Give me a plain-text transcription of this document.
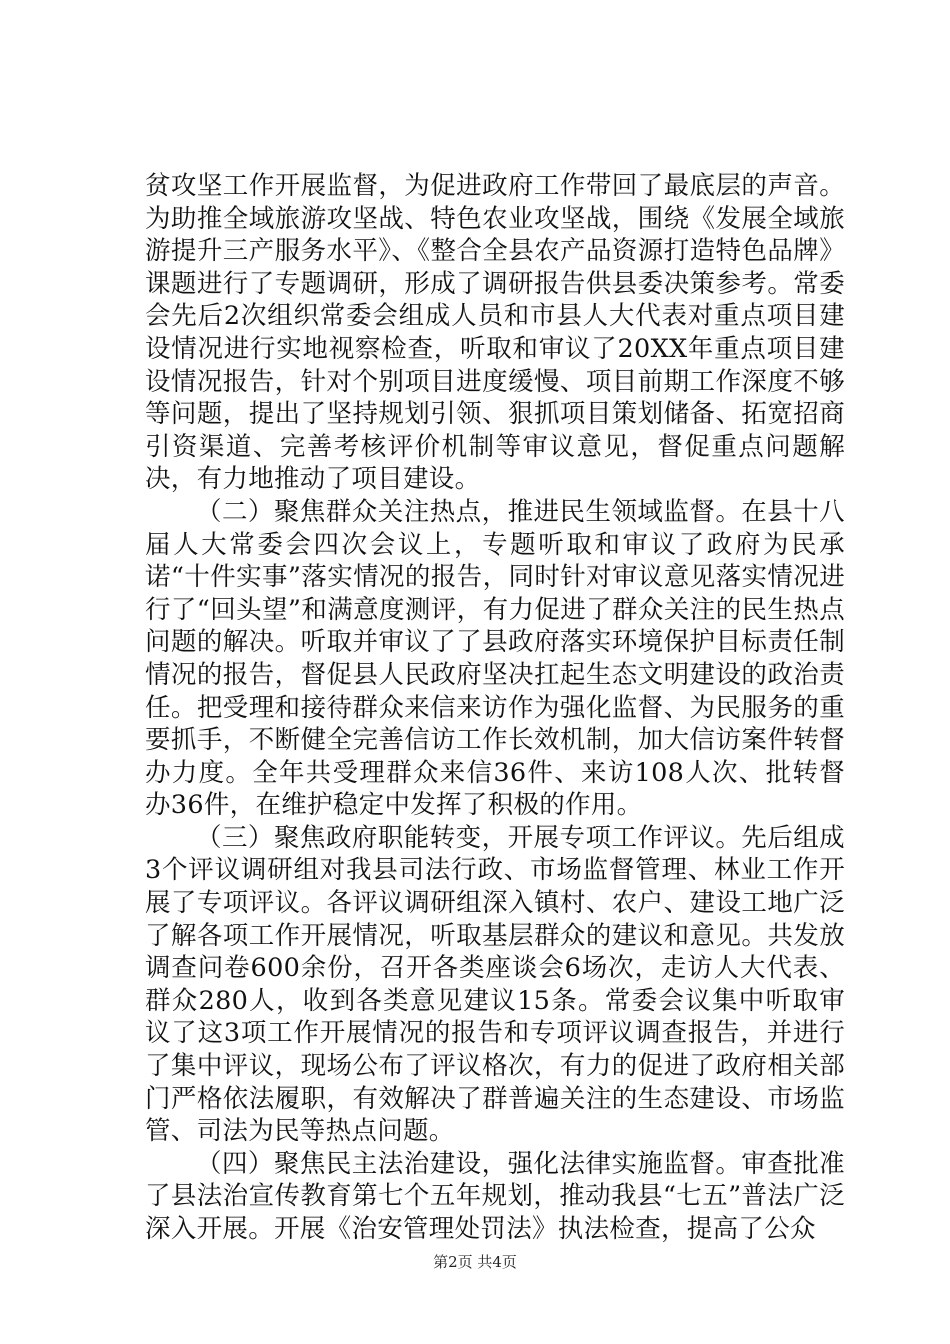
贫攻坚工作开展监督，为促进政府工作带回了最底层的声音。为助推全域旅游攻坚战、特色农业攻坚战，围绕《发展全域旅游提升三产服务水平》、《整合全县农产品资源打造特色品牌》课题进行了专题调研，形成了调研报告供县委决策参考。常委会先后2次组织常委会组成人员和市县人大代表对重点项目建设情况进行实地视察检查，听取和审议了20XX年重点项目建设情况报告，针对个别项目进度缓慢、项目前期工作深度不够等问题，提出了坚持规划引领、狠抓项目策划储备、拓宽招商引资渠道、完善考核评价机制等审议意见，督促重点问题解决，有力地推动了项目建设。

（二）聚焦群众关注热点，推进民生领域监督。在县十八届人大常委会四次会议上，专题听取和审议了政府为民承诺“十件实事”落实情况的报告，同时针对审议意见落实情况进行了“回头望”和满意度测评，有力促进了群众关注的民生热点问题的解决。听取并审议了了县政府落实环境保护目标责任制情况的报告，督促县人民政府坚决扛起生态文明建设的政治责任。把受理和接待群众来信来访作为强化监督、为民服务的重要抓手，不断健全完善信访工作长效机制，加大信访案件转督办力度。全年共受理群众来信36件、来访108人次、批转督办36件，在维护稳定中发挥了积极的作用。

（三）聚焦政府职能转变，开展专项工作评议。先后组成3个评议调研组对我县司法行政、市场监督管理、林业工作开展了专项评议。各评议调研组深入镇村、农户、建设工地广泛了解各项工作开展情况，听取基层群众的建议和意见。共发放调查问卷600余份，召开各类座谈会6场次，走访人大代表、群众280人，收到各类意见建议15条。常委会议集中听取审议了这3项工作开展情况的报告和专项评议调查报告，并进行了集中评议，现场公布了评议格次，有力的促进了政府相关部门严格依法履职，有效解决了群普遍关注的生态建设、市场监管、司法为民等热点问题。

（四）聚焦民主法治建设，强化法律实施监督。审查批准了县法治宣传教育第七个五年规划，推动我县“七五”普法广泛深入开展。开展《治安管理处罚法》执法检查，提高了公众

第2页 共4页
